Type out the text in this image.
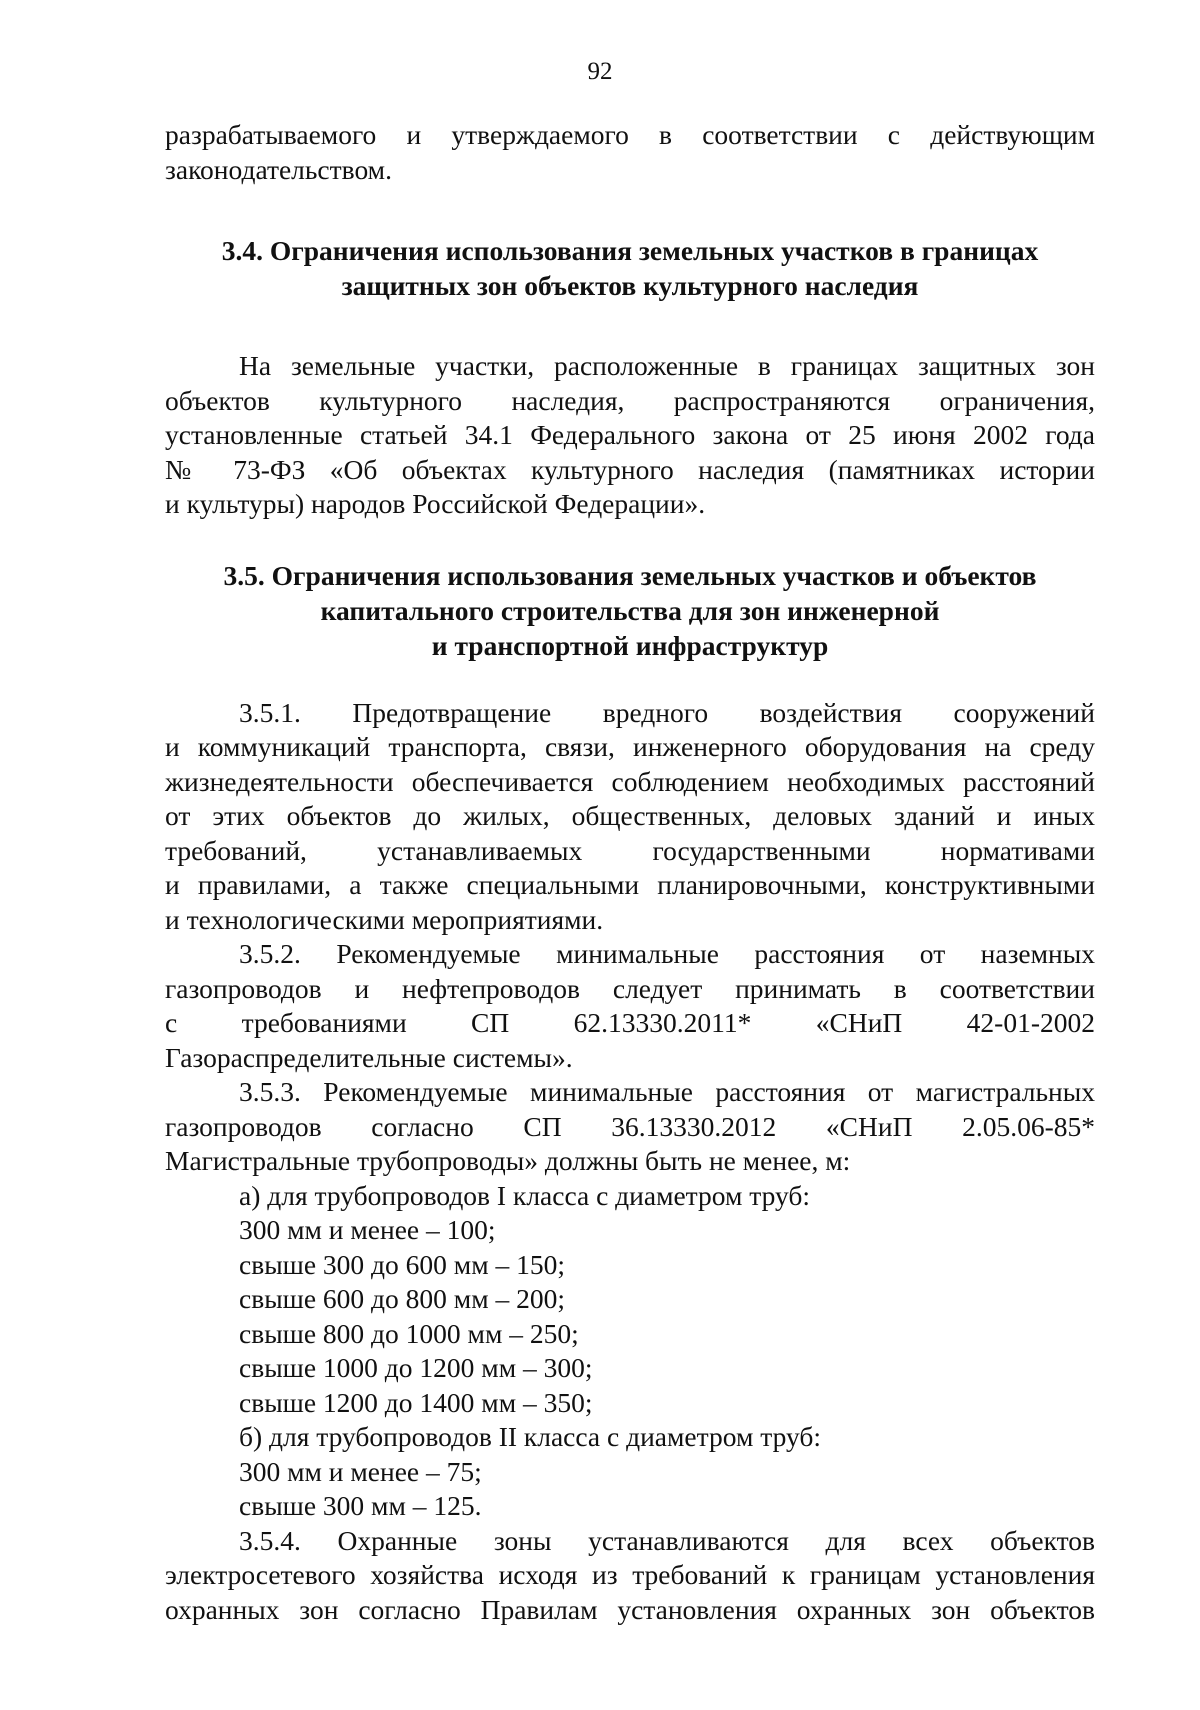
92

разрабатываемого и утверждаемого в соответствии с действующим

законодательством.

3.4. Ограничения использования земельных участков в границах

защитных зон объектов культурного наследия

На земельные участки, расположенные в границах защитных зон

объектов культурного наследия, распространяются ограничения,

установленные статьей 34.1 Федерального закона от 25 июня 2002 года

№ 73-ФЗ «Об объектах культурного наследия (памятниках истории

и культуры) народов Российской Федерации».

3.5. Ограничения использования земельных участков и объектов

капитального строительства для зон инженерной

и транспортной инфраструктур

3.5.1. Предотвращение вредного воздействия сооружений

и коммуникаций транспорта, связи, инженерного оборудования на среду

жизнедеятельности обеспечивается соблюдением необходимых расстояний

от этих объектов до жилых, общественных, деловых зданий и иных

требований, устанавливаемых государственными нормативами

и правилами, а также специальными планировочными, конструктивными

и технологическими мероприятиями.

3.5.2. Рекомендуемые минимальные расстояния от наземных

газопроводов и нефтепроводов следует принимать в соответствии

с требованиями СП 62.13330.2011* «СНиП 42-01-2002

Газораспределительные системы».

3.5.3. Рекомендуемые минимальные расстояния от магистральных

газопроводов согласно СП 36.13330.2012 «СНиП 2.05.06-85*

Магистральные трубопроводы» должны быть не менее, м:

а) для трубопроводов I класса с диаметром труб:

300 мм и менее – 100;

свыше 300 до 600 мм – 150;

свыше 600 до 800 мм – 200;

свыше 800 до 1000 мм – 250;

свыше 1000 до 1200 мм – 300;

свыше 1200 до 1400 мм – 350;

б) для трубопроводов II класса с диаметром труб:

300 мм и менее – 75;

свыше 300 мм – 125.

3.5.4. Охранные зоны устанавливаются для всех объектов

электросетевого хозяйства исходя из требований к границам установления

охранных зон согласно Правилам установления охранных зон объектов
